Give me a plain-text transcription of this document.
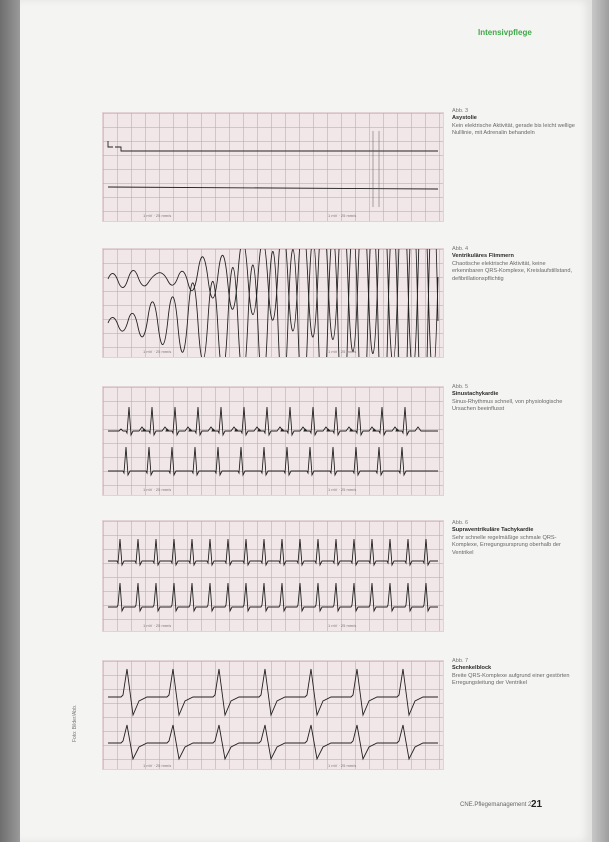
Intensivpflege
1 mV · 25 mm/s	1 mV · 25 mm/s
1 mV · 25 mm/s	1 mV · 25 mm/s
1 mV · 25 mm/s	1 mV · 25 mm/s
1 mV · 25 mm/s	1 mV · 25 mm/s
1 mV · 25 mm/s	1 mV · 25 mm/s
Abb. 3
Asystolie
Kein elektrische Aktivität, gerade bis leicht wellige Nulllinie, mit Adrenalin behandeln
Abb. 4
Ventrikuläres Flimmern
Chaotische elektrische Aktivität, keine erkennbaren QRS-Komplexe, Kreislaufstillstand, defibrillationspflichtig
Abb. 5
Sinustachykardie
Sinus-Rhythmus schnell, von physiologische Ursachen beeinflusst
Abb. 6
Supraventrikuläre Tachykardie
Sehr schnelle regelmäßige schmale QRS-Komplexe, Erregungsursprung oberhalb der Ventrikel
Abb. 7
Schenkelblock
Breite QRS-Komplexe aufgrund einer gestörten Erregungsleitung der Ventrikel
Foto: Bilder/Abb.
CNE.Pflegemanagement 2 21
